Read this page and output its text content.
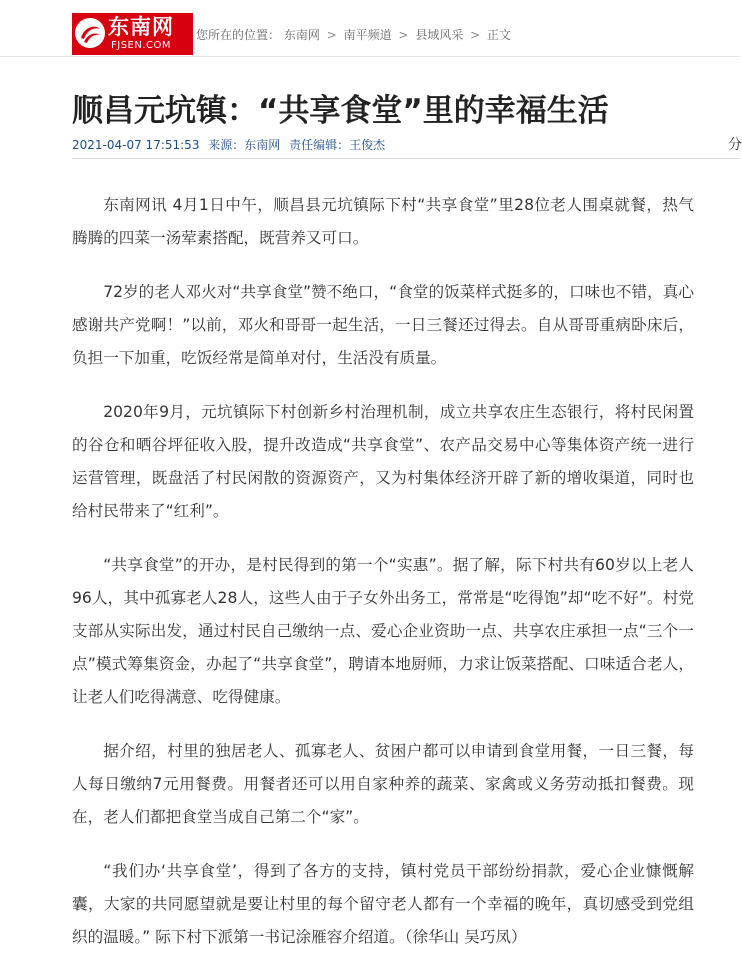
东南网
FJSEN.COM
您所在的位置： 东南网 > 南平频道 > 县域风采 > 正文
顺昌元坑镇：“共享食堂”里的幸福生活
2021-04-07 17:51:53 来源：东南网 责任编辑：王俊杰	分

东南网讯 4月1日中午，顺昌县元坑镇际下村“共享食堂”里28位老人围桌就餐，热气腾腾的四菜一汤荤素搭配，既营养又可口。

72岁的老人邓火对“共享食堂”赞不绝口，“食堂的饭菜样式挺多的，口味也不错，真心感谢共产党啊！”以前，邓火和哥哥一起生活，一日三餐还过得去。自从哥哥重病卧床后，负担一下加重，吃饭经常是简单对付，生活没有质量。

2020年9月，元坑镇际下村创新乡村治理机制，成立共享农庄生态银行，将村民闲置的谷仓和晒谷坪征收入股，提升改造成“共享食堂”、农产品交易中心等集体资产统一进行运营管理，既盘活了村民闲散的资源资产，又为村集体经济开辟了新的增收渠道，同时也给村民带来了“红利”。

“共享食堂”的开办，是村民得到的第一个“实惠”。据了解，际下村共有60岁以上老人96人，其中孤寡老人28人，这些人由于子女外出务工，常常是“吃得饱”却“吃不好”。村党支部从实际出发，通过村民自己缴纳一点、爱心企业资助一点、共享农庄承担一点“三个一点”模式筹集资金，办起了“共享食堂”，聘请本地厨师，力求让饭菜搭配、口味适合老人，让老人们吃得满意、吃得健康。

据介绍，村里的独居老人、孤寡老人、贫困户都可以申请到食堂用餐，一日三餐，每人每日缴纳7元用餐费。用餐者还可以用自家种养的蔬菜、家禽或义务劳动抵扣餐费。现在，老人们都把食堂当成自己第二个“家”。

“我们办‘共享食堂’，得到了各方的支持，镇村党员干部纷纷捐款，爱心企业慷慨解囊，大家的共同愿望就是要让村里的每个留守老人都有一个幸福的晚年，真切感受到党组织的温暖。” 际下村下派第一书记涂雁容介绍道。（徐华山 吴巧凤）
